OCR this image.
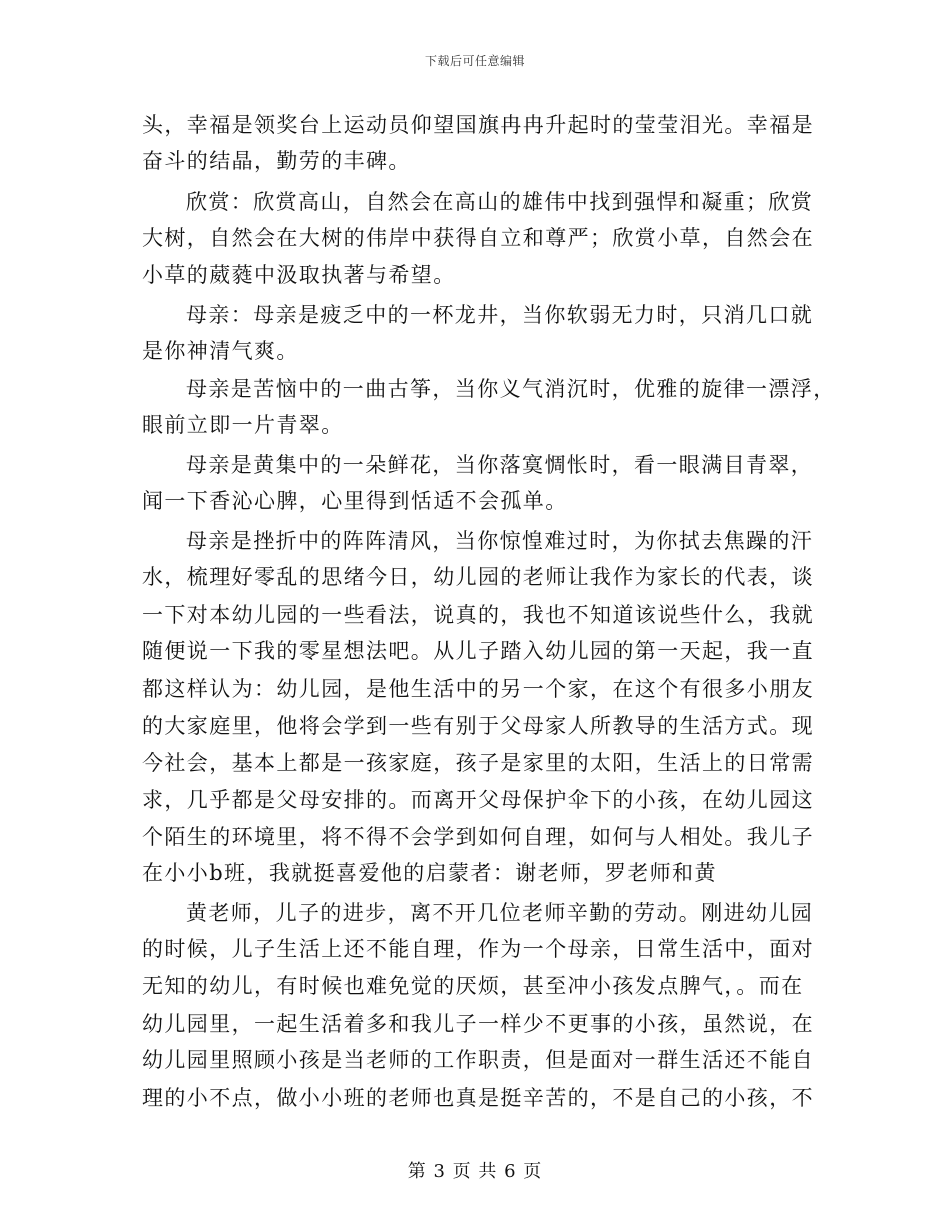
下载后可任意编辑
头，幸福是领奖台上运动员仰望国旗冉冉升起时的莹莹泪光。幸福是
奋斗的结晶，勤劳的丰碑。
欣赏：欣赏高山，自然会在高山的雄伟中找到强悍和凝重；欣赏
大树，自然会在大树的伟岸中获得自立和尊严；欣赏小草，自然会在
小草的葳蕤中汲取执著与希望。
母亲：母亲是疲乏中的一杯龙井，当你软弱无力时，只消几口就
是你神清气爽。
母亲是苦恼中的一曲古筝，当你义气消沉时，优雅的旋律一漂浮，
眼前立即一片青翠。
母亲是黄集中的一朵鲜花，当你落寞惆怅时，看一眼满目青翠，
闻一下香沁心脾，心里得到恬适不会孤单。
母亲是挫折中的阵阵清风，当你惊惶难过时，为你拭去焦躁的汗
水，梳理好零乱的思绪今日，幼儿园的老师让我作为家长的代表，谈
一下对本幼儿园的一些看法，说真的，我也不知道该说些什么，我就
随便说一下我的零星想法吧。从儿子踏入幼儿园的第一天起，我一直
都这样认为：幼儿园，是他生活中的另一个家，在这个有很多小朋友
的大家庭里，他将会学到一些有别于父母家人所教导的生活方式。现
今社会，基本上都是一孩家庭，孩子是家里的太阳，生活上的日常需
求，几乎都是父母安排的。而离开父母保护伞下的小孩，在幼儿园这
个陌生的环境里，将不得不会学到如何自理，如何与人相处。我儿子
在小小b班，我就挺喜爱他的启蒙者：谢老师，罗老师和黄
黄老师，儿子的进步，离不开几位老师辛勤的劳动。刚进幼儿园
的时候，儿子生活上还不能自理，作为一个母亲，日常生活中，面对
无知的幼儿，有时候也难免觉的厌烦，甚至冲小孩发点脾气，。而在
幼儿园里，一起生活着多和我儿子一样少不更事的小孩，虽然说，在
幼儿园里照顾小孩是当老师的工作职责，但是面对一群生活还不能自
理的小不点，做小小班的老师也真是挺辛苦的，不是自己的小孩，不
第 3 页 共 6 页
